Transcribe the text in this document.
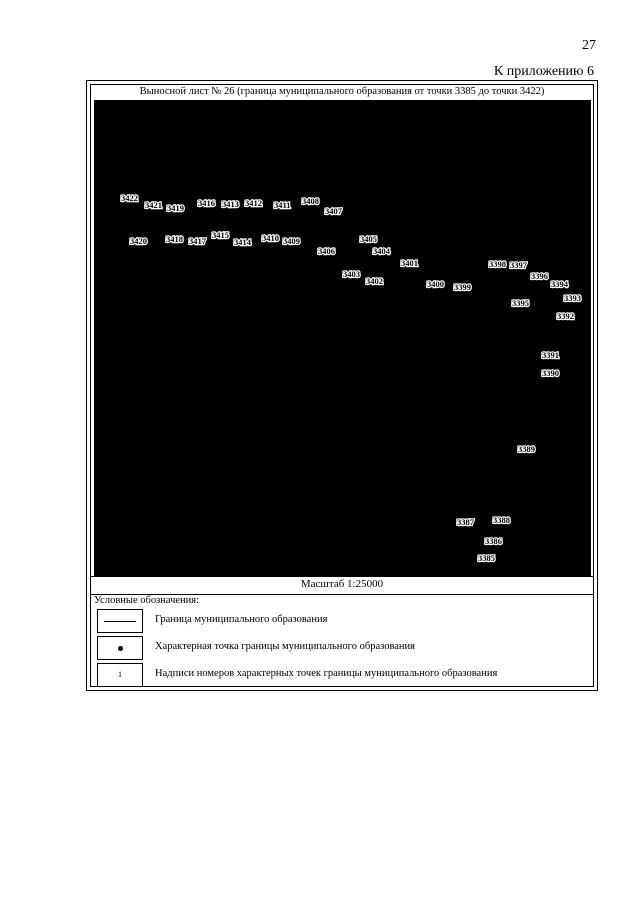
27
К приложению 6
Выносной лист № 26 (граница муниципального образования от точки 3385 до точки 3422)
3422
3421 3419 3416 3413 3412 3411 3408
3407
3420 3418 3417
3415
3414 3410 3409
3406
3405
3404
3403
3402
3401
3400 3399
3398 3397
3396
3395
3394
3393
3392
3391
3390
3389
3388
3387
3386
3385
Масштаб 1:25000
Условные обозначения:
Граница муниципального образования
Характерная точка границы муниципального образования
1	Надписи номеров характерных точек границы муниципального образования
